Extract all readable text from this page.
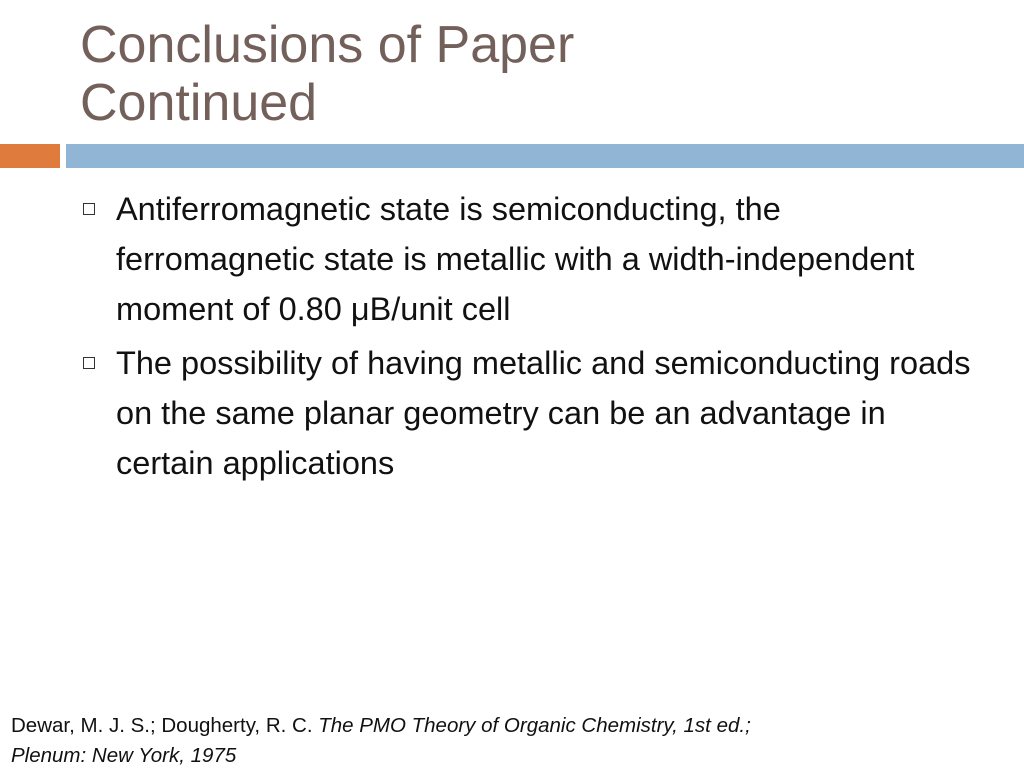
Conclusions of Paper
Continued
Antiferromagnetic state is semiconducting, the ferromagnetic state is metallic with a width-independent moment of 0.80 μB/unit cell
The possibility of having metallic and semiconducting roads on the same planar geometry can be an advantage in certain applications
Dewar, M. J. S.; Dougherty, R. C. The PMO Theory of Organic Chemistry, 1st ed.;
Plenum: New York, 1975
